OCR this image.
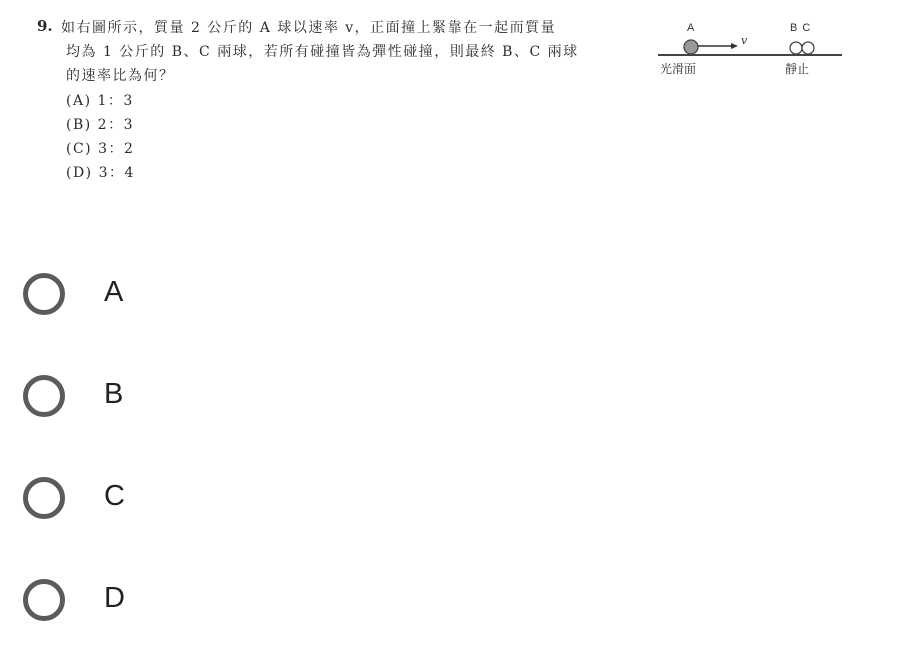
9. 如右圖所示，質量 2 公斤的 A 球以速率 v，正面撞上緊靠在一起而質量
均為 1 公斤的 B、C 兩球，若所有碰撞皆為彈性碰撞，則最終 B、C 兩球
的速率比為何？
(A) 1：3
(B) 2：3
(C) 3：2
(D) 3：4
A	B C
v
光滑面	靜止
A
B
C
D
